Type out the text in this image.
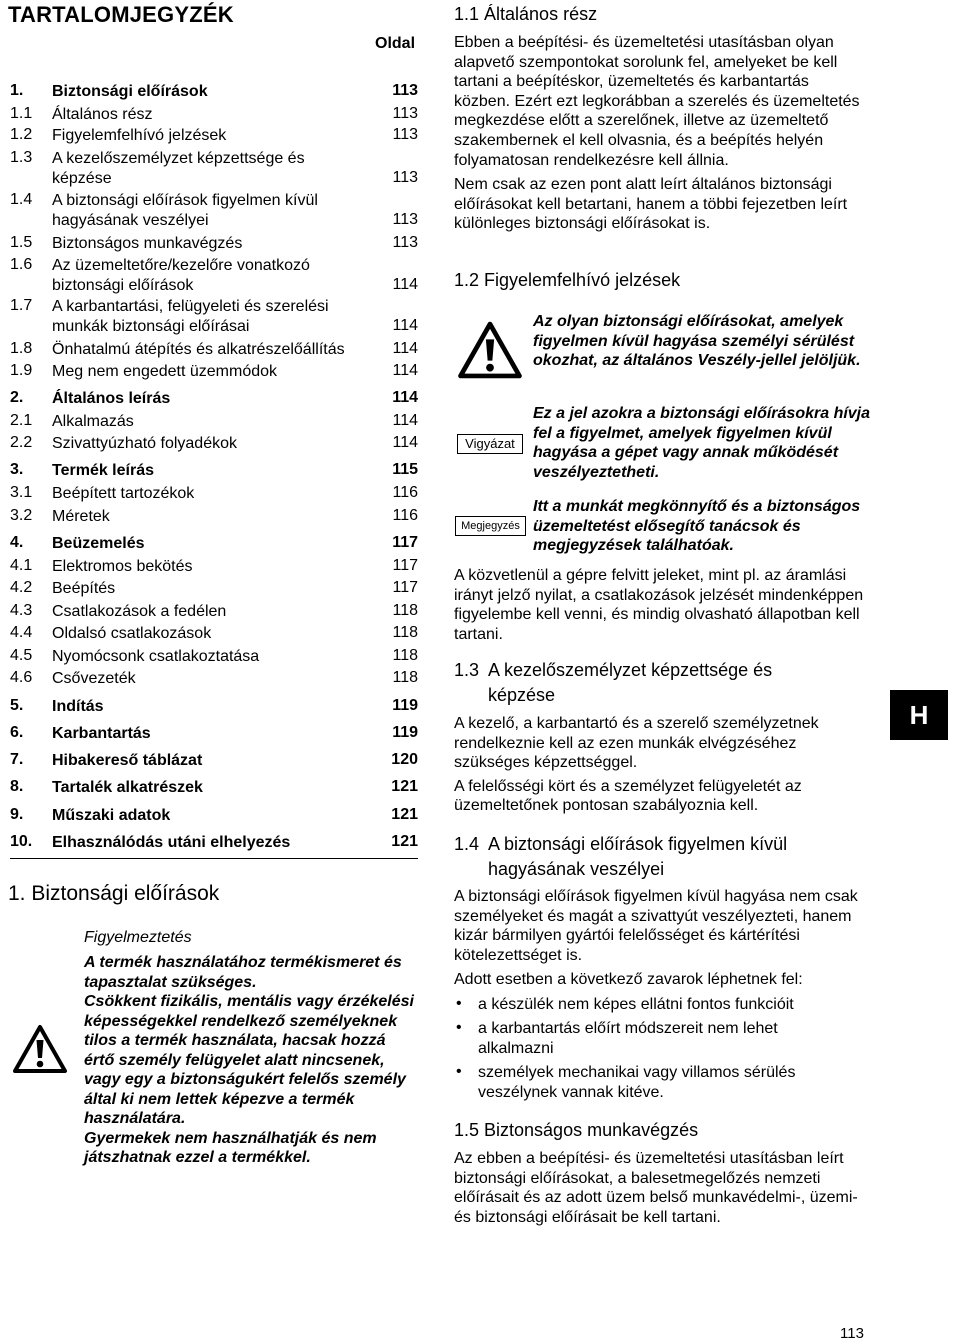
TARTALOMJEGYZÉK
Oldal
1. Biztonsági előírások	113
1.1 Általános rész	113
1.2 Figyelemfelhívó jelzések	113
1.3 A kezelőszemélyzet képzettsége és képzése	113
1.4 A biztonsági előírások figyelmen kívül hagyásának veszélyei	113
1.5 Biztonságos munkavégzés	113
1.6 Az üzemeltetőre/kezelőre vonatkozó biztonsági előírások	114
1.7 A karbantartási, felügyeleti és szerelési munkák biztonsági előírásai	114
1.8 Önhatalmú átépítés és alkatrészelőállítás	114
1.9 Meg nem engedett üzemmódok	114
2. Általános leírás	114
2.1 Alkalmazás	114
2.2 Szivattyúzható folyadékok	114
3. Termék leírás	115
3.1 Beépített tartozékok	116
3.2 Méretek	116
4. Beüzemelés	117
4.1 Elektromos bekötés	117
4.2 Beépítés	117
4.3 Csatlakozások a fedélen	118
4.4 Oldalsó csatlakozások	118
4.5 Nyomócsonk csatlakoztatása	118
4.6 Csővezeték	118
5. Indítás	119
6. Karbantartás	119
7. Hibakereső táblázat	120
8. Tartalék alkatrészek	121
9. Műszaki adatok	121
10. Elhasználódás utáni elhelyezés	121
1. Biztonsági előírások
Figyelmeztetés

A termék használatához termékismeret és tapasztalat szükséges.

Csökkent fizikális, mentális vagy érzékelési képességekkel rendelkező személyeknek tilos a termék használata, hacsak hozzá értő személy felügyelet alatt nincsenek, vagy egy a biztonságukért felelős személy által ki nem lettek képezve a termék használatára.

Gyermekek nem használhatják és nem játszhatnak ezzel a termékkel.

1.1 Általános rész

Ebben a beépítési- és üzemeltetési utasításban olyan alapvető szempontokat sorolunk fel, amelyeket be kell tartani a beépítéskor, üzemeltetés és karbantartás közben. Ezért ezt legkorábban a szerelés és üzemeltetés megkezdése előtt a szerelőnek, illetve az üzemeltető szakembernek el kell olvasnia, és a beépítés helyén folyamatosan rendelkezésre kell állnia.

Nem csak az ezen pont alatt leírt általános biztonsági előírásokat kell betartani, hanem a többi fejezetben leírt különleges biztonsági előírásokat is.

1.2 Figyelemfelhívó jelzések
Az olyan biztonsági előírásokat, amelyek figyelmen kívül hagyása személyi sérülést okozhat, az általános Veszély-jellel jelöljük.
Vigyázat
Ez a jel azokra a biztonsági előírásokra hívja fel a figyelmet, amelyek figyelmen kívül hagyása a gépet vagy annak működését veszélyeztetheti.
Megjegyzés
Itt a munkát megkönnyítő és a biztonságos üzemeltetést elősegítő tanácsok és megjegyzések találhatóak.

A közvetlenül a gépre felvitt jeleket, mint pl. az áramlási irányt jelző nyilat, a csatlakozások jelzését mindenképpen figyelembe kell venni, és mindig olvasható állapotban kell tartani.

1.3 A kezelőszemélyzet képzettsége és
képzése

A kezelő, a karbantartó és a szerelő személyzetnek rendelkeznie kell az ezen munkák elvégzéséhez szükséges képzettséggel.

A felelősségi kört és a személyzet felügyeletét az üzemeltetőnek pontosan szabályoznia kell.

1.4 A biztonsági előírások figyelmen kívül
hagyásának veszélyei

A biztonsági előírások figyelmen kívül hagyása nem csak személyeket és magát a szivattyút veszélyezteti, hanem kizár bármilyen gyártói felelősséget és kártérítési kötelezettséget is.

Adott esetben a következő zavarok léphetnek fel:

• a készülék nem képes ellátni fontos funkcióit
• a karbantartás előírt módszereit nem lehet alkalmazni
• személyek mechanikai vagy villamos sérülés veszélynek vannak kitéve.
1.5 Biztonságos munkavégzés

Az ebben a beépítési- és üzemeltetési utasításban leírt biztonsági előírásokat, a balesetmegelőzés nemzeti előírásait és az adott üzem belső munkavédelmi-, üzemi- és biztonsági előírásait be kell tartani.

H
113
